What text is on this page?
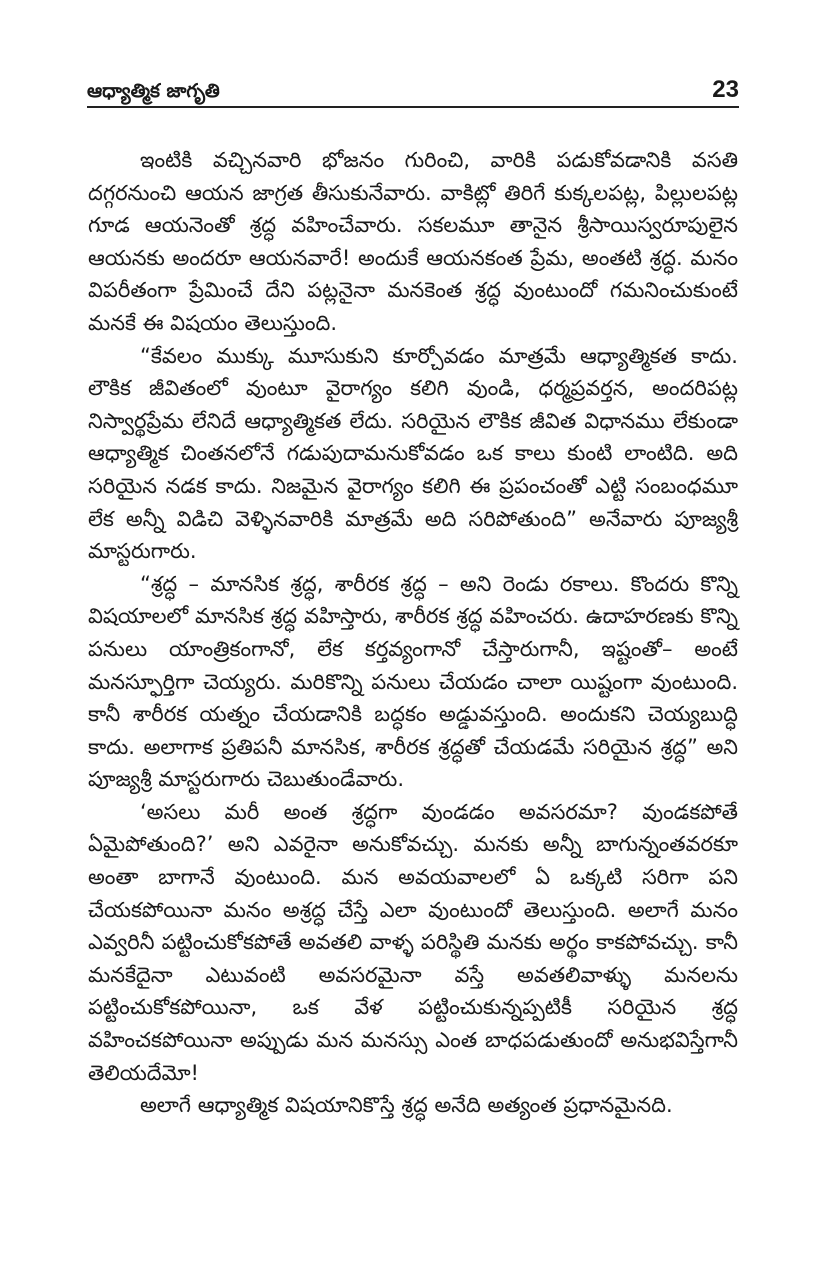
ఆధ్యాత్మిక జాగృతి	23

ఇంటికి వచ్చినవారి భోజనం గురించి, వారికి పడుకోవడానికి వసతి దగ్గరనుంచి ఆయన జాగ్రత తీసుకునేవారు. వాకిట్లో తిరిగే కుక్కలపట్ల, పిల్లులపట్ల గూడ ఆయనెంతో శ్రద్ధ వహించేవారు. సకలమూ తానైన శ్రీసాయిస్వరూపులైన ఆయనకు అందరూ ఆయనవారే! అందుకే ఆయనకంత ప్రేమ, అంతటి శ్రద్ధ. మనం విపరీతంగా ప్రేమించే దేని పట్లనైనా మనకెంత శ్రద్ధ వుంటుందో గమనించుకుంటే మనకే ఈ విషయం తెలుస్తుంది.

“కేవలం ముక్కు మూసుకుని కూర్చోవడం మాత్రమే ఆధ్యాత్మికత కాదు. లౌకిక జీవితంలో వుంటూ వైరాగ్యం కలిగి వుండి, ధర్మప్రవర్తన, అందరిపట్ల నిస్వార్థప్రేమ లేనిదే ఆధ్యాత్మికత లేదు. సరియైన లౌకిక జీవిత విధానము లేకుండా ఆధ్యాత్మిక చింతనలోనే గడుపుదామనుకోవడం ఒక కాలు కుంటి లాంటిది. అది సరియైన నడక కాదు. నిజమైన వైరాగ్యం కలిగి ఈ ప్రపంచంతో ఎట్టి సంబంధమూ లేక అన్నీ విడిచి వెళ్ళినవారికి మాత్రమే అది సరిపోతుంది” అనేవారు పూజ్యశ్రీ మాస్టరుగారు.

“శ్రద్ధ – మానసిక శ్రద్ధ, శారీరక శ్రద్ధ – అని రెండు రకాలు. కొందరు కొన్ని విషయాలలో మానసిక శ్రద్ధ వహిస్తారు, శారీరక శ్రద్ధ వహించరు. ఉదాహరణకు కొన్ని పనులు యాంత్రికంగానో, లేక కర్తవ్యంగానో చేస్తారుగానీ, ఇష్టంతో– అంటే మనస్ఫూర్తిగా చెయ్యరు. మరికొన్ని పనులు చేయడం చాలా యిష్టంగా వుంటుంది. కానీ శారీరక యత్నం చేయడానికి బద్ధకం అడ్డువస్తుంది. అందుకని చెయ్యబుద్ధి కాదు. అలాగాక ప్రతిపనీ మానసిక, శారీరక శ్రద్ధతో చేయడమే సరియైన శ్రద్ధ” అని పూజ్యశ్రీ మాస్టరుగారు చెబుతుండేవారు.

‘అసలు మరీ అంత శ్రద్ధగా వుండడం అవసరమా? వుండకపోతే ఏమైపోతుంది?’ అని ఎవరైనా అనుకోవచ్చు. మనకు అన్నీ బాగున్నంతవరకూ అంతా బాగానే వుంటుంది. మన అవయవాలలో ఏ ఒక్కటి సరిగా పని చేయకపోయినా మనం అశ్రద్ధ చేస్తే ఎలా వుంటుందో తెలుస్తుంది. అలాగే మనం ఎవ్వరినీ పట్టించుకోకపోతే అవతలి వాళ్ళ పరిస్థితి మనకు అర్థం కాకపోవచ్చు. కానీ మనకేదైనా ఎటువంటి అవసరమైనా వస్తే అవతలివాళ్ళు మనలను పట్టించుకోకపోయినా, ఒక వేళ పట్టించుకున్నప్పటికీ సరియైన శ్రద్ధ వహించకపోయినా అప్పుడు మన మనస్సు ఎంత బాధపడుతుందో అనుభవిస్తేగానీ తెలియదేమో!

అలాగే ఆధ్యాత్మిక విషయానికొస్తే శ్రద్ధ అనేది అత్యంత ప్రధానమైనది.
